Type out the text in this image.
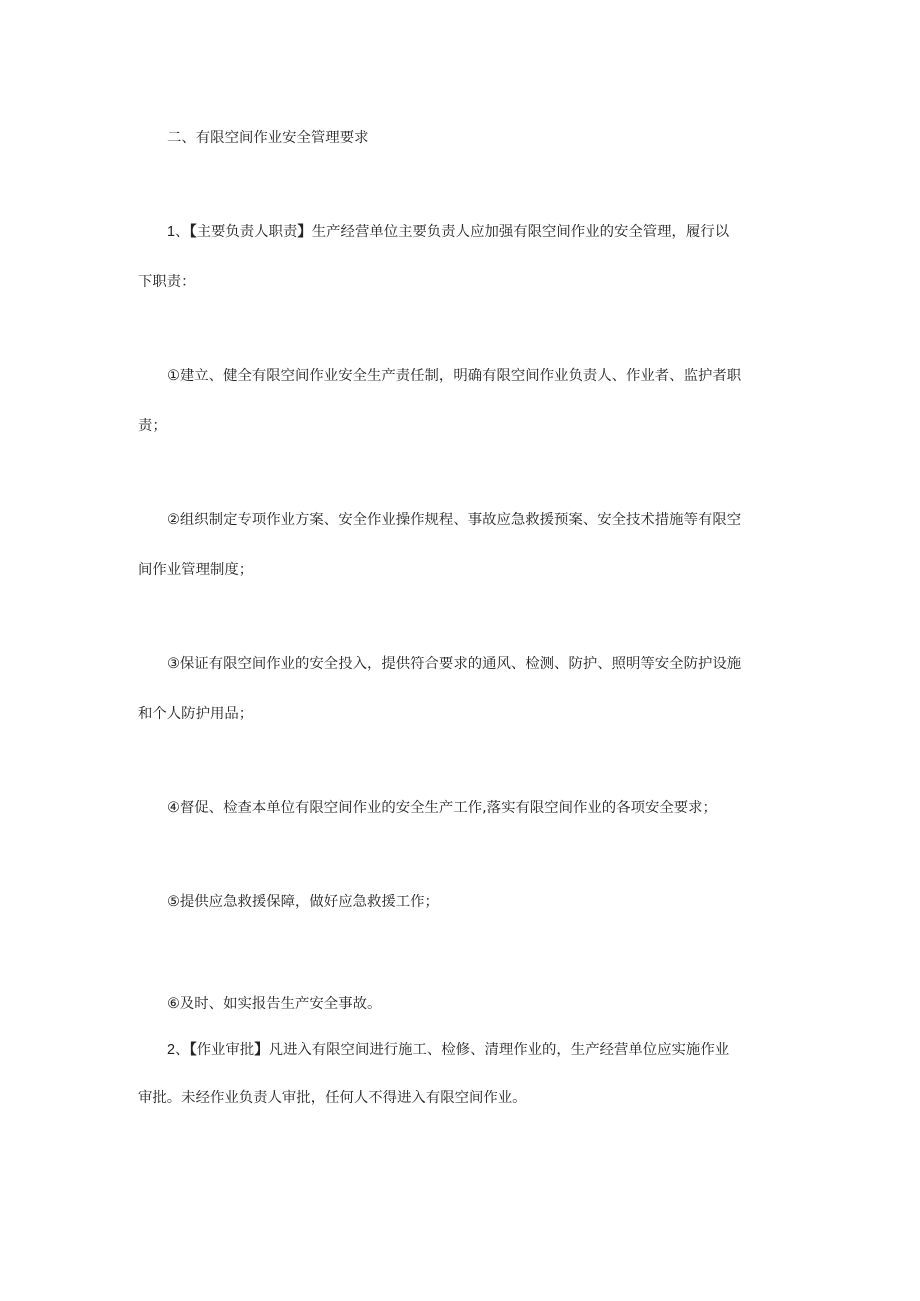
二、有限空间作业安全管理要求

1、【主要负责人职责】生产经营单位主要负责人应加强有限空间作业的安全管理，履行以

下职责：

①建立、健全有限空间作业安全生产责任制，明确有限空间作业负责人、作业者、监护者职

责；

②组织制定专项作业方案、安全作业操作规程、事故应急救援预案、安全技术措施等有限空

间作业管理制度；

③保证有限空间作业的安全投入，提供符合要求的通风、检测、防护、照明等安全防护设施

和个人防护用品；

④督促、检查本单位有限空间作业的安全生产工作,落实有限空间作业的各项安全要求；

⑤提供应急救援保障，做好应急救援工作；

⑥及时、如实报告生产安全事故。

2、【作业审批】凡进入有限空间进行施工、检修、清理作业的，生产经营单位应实施作业

审批。未经作业负责人审批，任何人不得进入有限空间作业。
